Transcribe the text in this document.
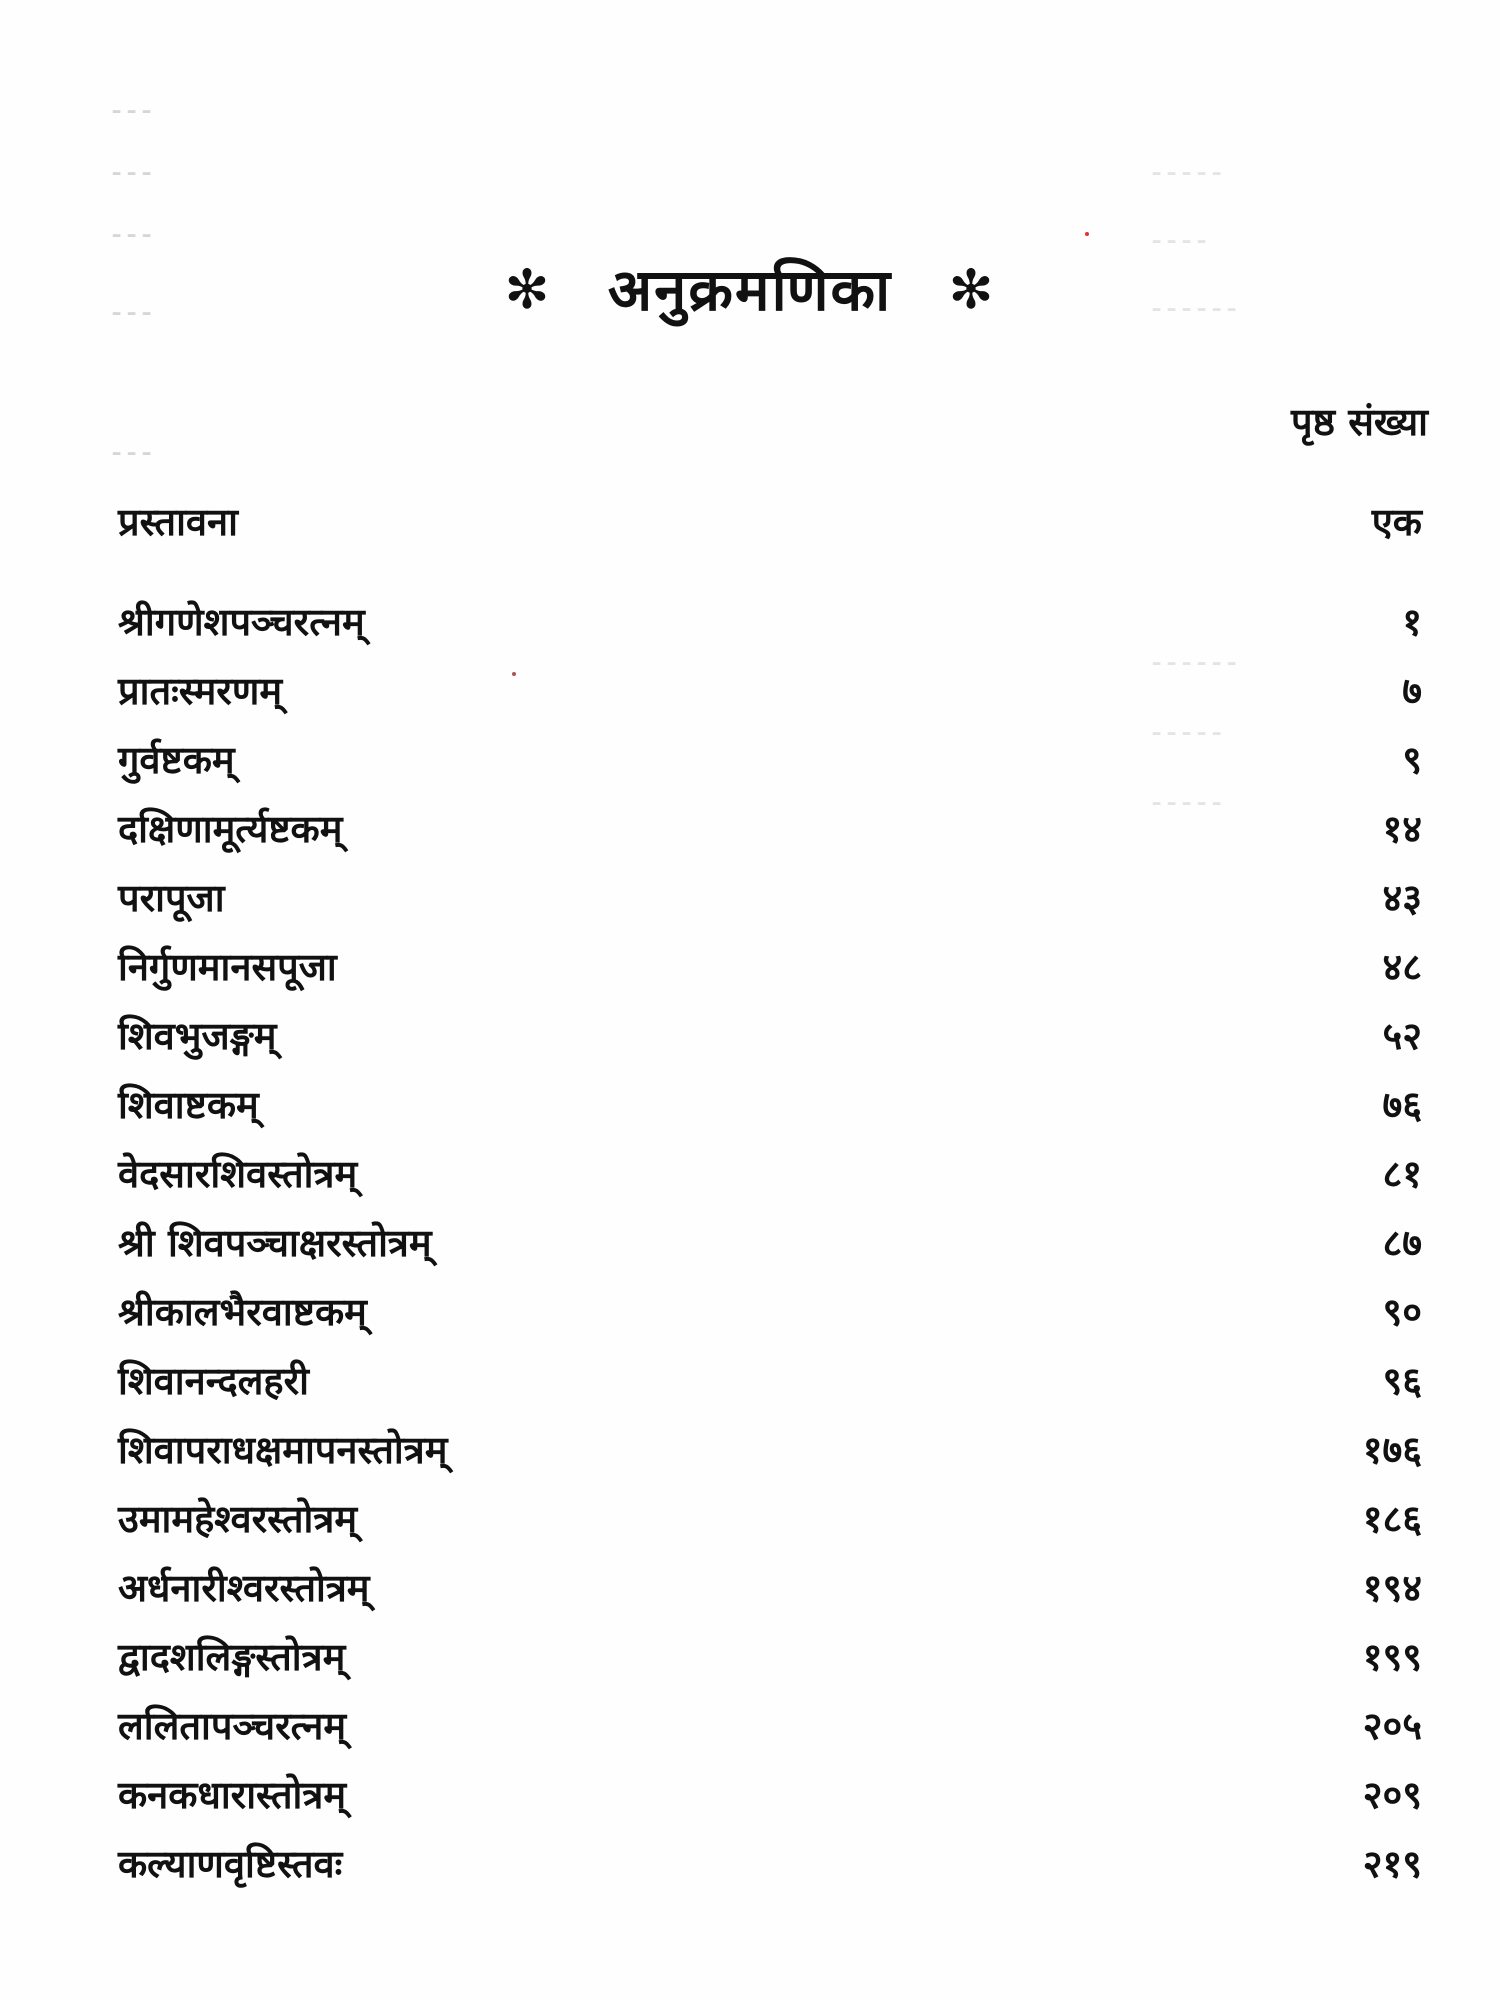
⁃⁃⁃
⁃⁃⁃
⁃⁃⁃
⁃⁃⁃
⁃⁃⁃
⁃⁃⁃⁃⁃
⁃⁃⁃⁃
⁃⁃⁃⁃⁃⁃
⁃⁃⁃⁃⁃⁃
⁃⁃⁃⁃⁃
⁃⁃⁃⁃⁃
✻ अनुक्रमणिका ✻
पृष्ठ संख्या
प्रस्तावना	एक
श्रीगणेशपञ्चरत्नम्	१
प्रातःस्मरणम्	७
गुर्वष्टकम्	९
दक्षिणामूर्त्यष्टकम्	१४
परापूजा	४३
निर्गुणमानसपूजा	४८
शिवभुजङ्गम्	५२
शिवाष्टकम्	७६
वेदसारशिवस्तोत्रम्	८१
श्री शिवपञ्चाक्षरस्तोत्रम्	८७
श्रीकालभैरवाष्टकम्	९०
शिवानन्दलहरी	९६
शिवापराधक्षमापनस्तोत्रम्	१७६
उमामहेश्वरस्तोत्रम्	१८६
अर्धनारीश्वरस्तोत्रम्	१९४
द्वादशलिङ्गस्तोत्रम्	१९९
ललितापञ्चरत्नम्	२०५
कनकधारास्तोत्रम्	२०९
कल्याणवृष्टिस्तवः	२१९
